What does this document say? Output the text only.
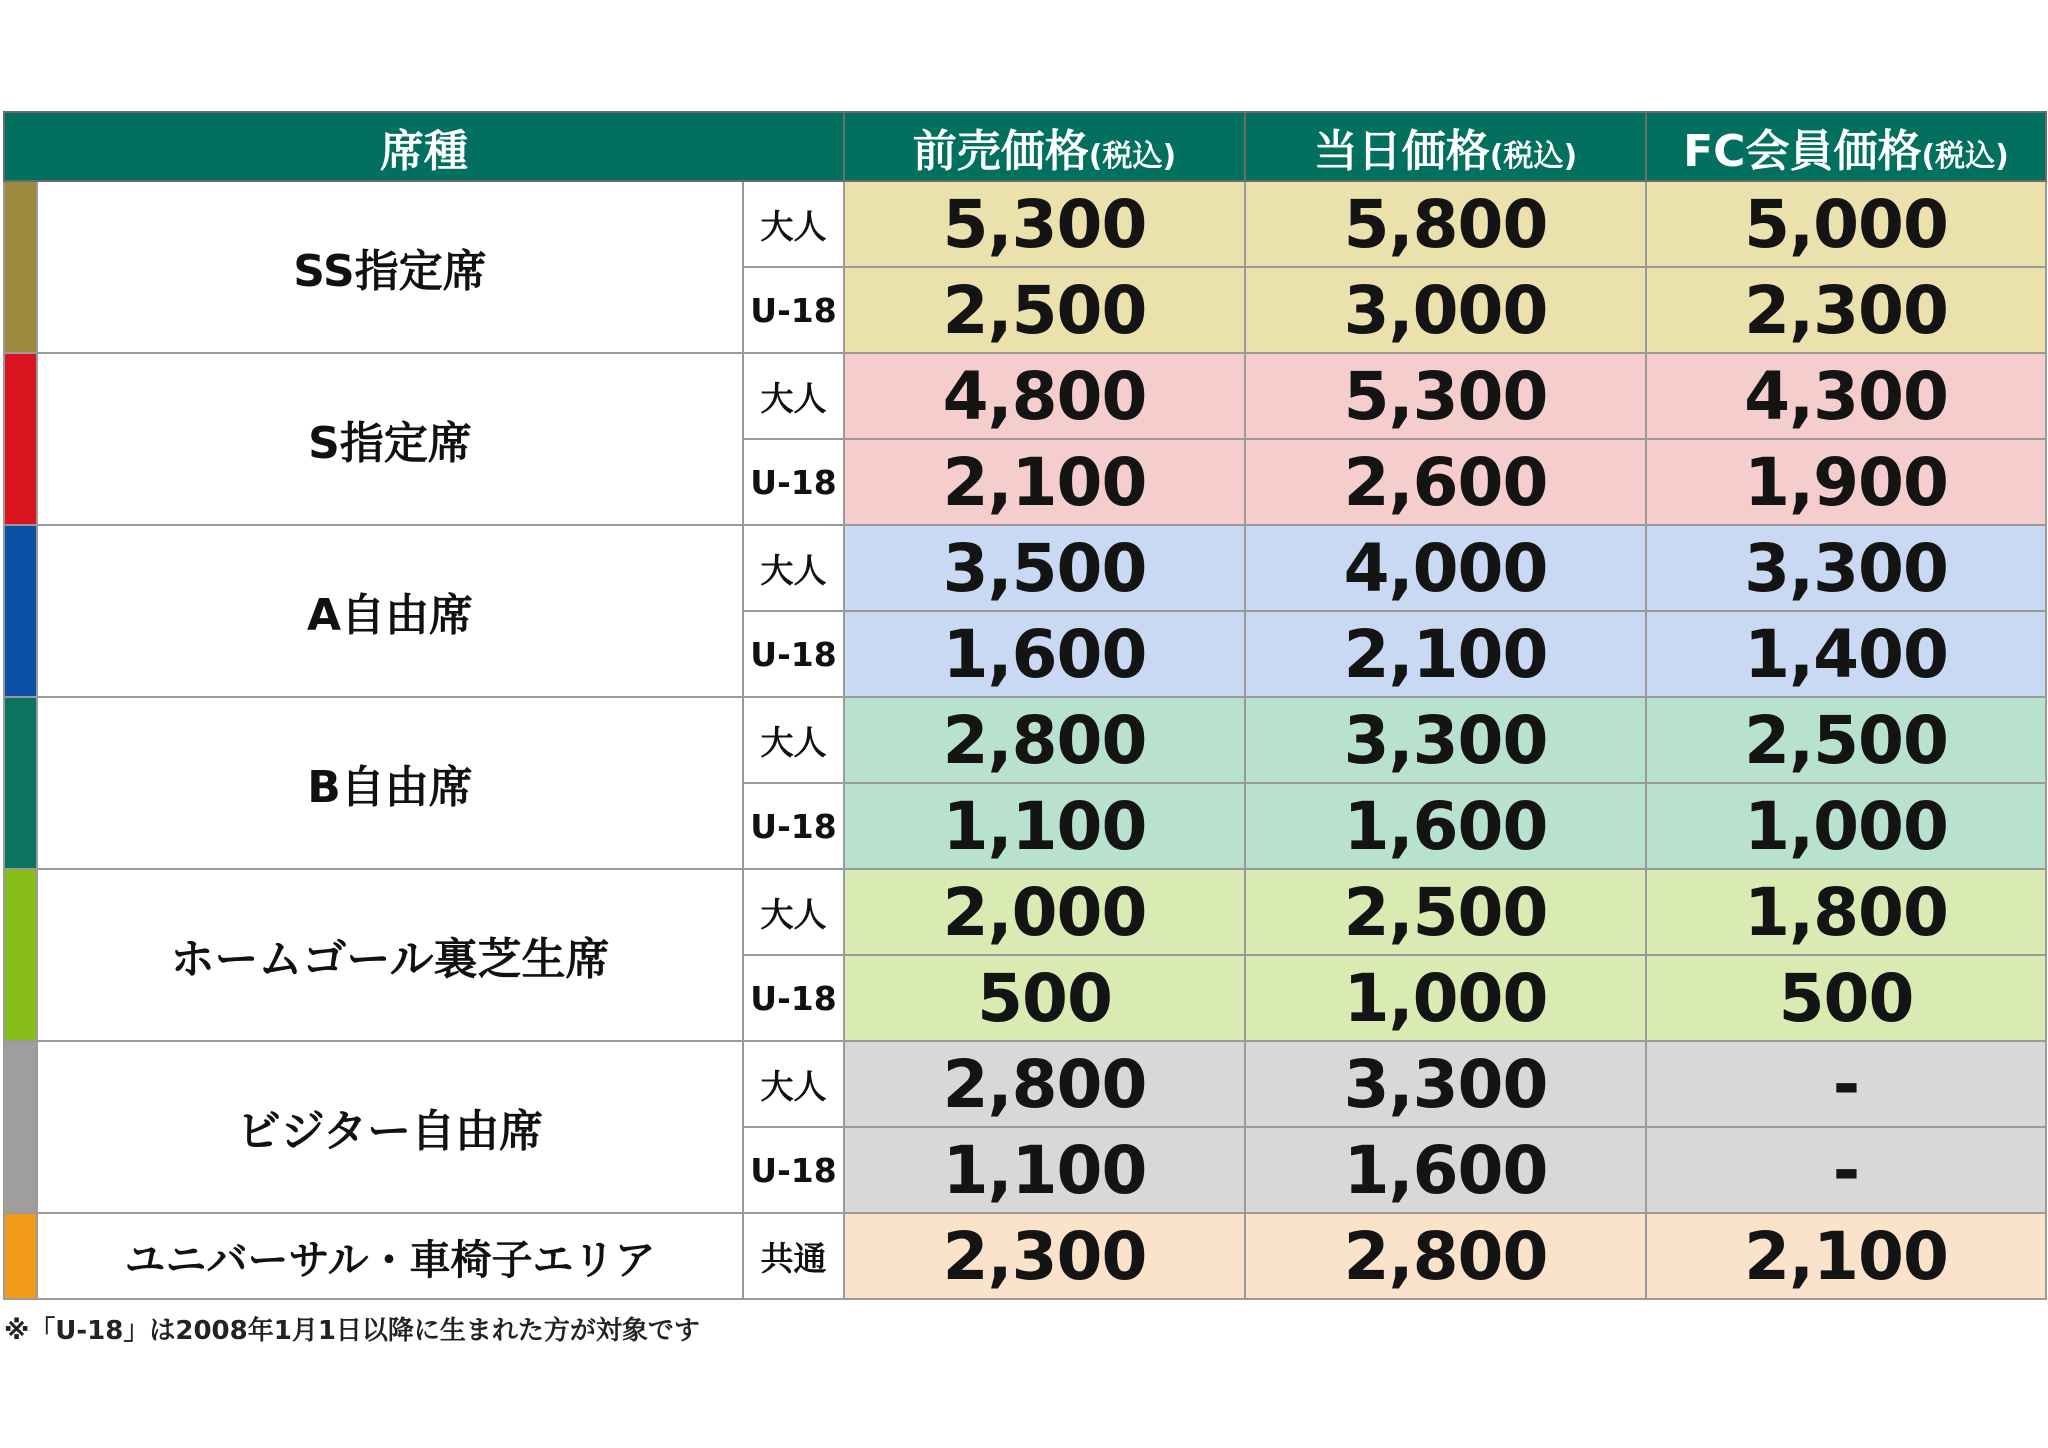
席種			前売価格(税込)	当日価格(税込)	FC会員価格(税込)
	SS指定席	大人	5,300	5,800	5,000
		U-18	2,500	3,000	2,300
	S指定席	大人	4,800	5,300	4,300
		U-18	2,100	2,600	1,900
	A自由席	大人	3,500	4,000	3,300
		U-18	1,600	2,100	1,400
	B自由席	大人	2,800	3,300	2,500
		U-18	1,100	1,600	1,000
	ホームゴール裏芝生席	大人	2,000	2,500	1,800
		U-18	500	1,000	500
	ビジター自由席	大人	2,800	3,300	-
		U-18	1,100	1,600	-
	ユニバーサル・車椅子エリア	共通	2,300	2,800	2,100
※「U-18」は2008年1月1日以降に生まれた方が対象です
